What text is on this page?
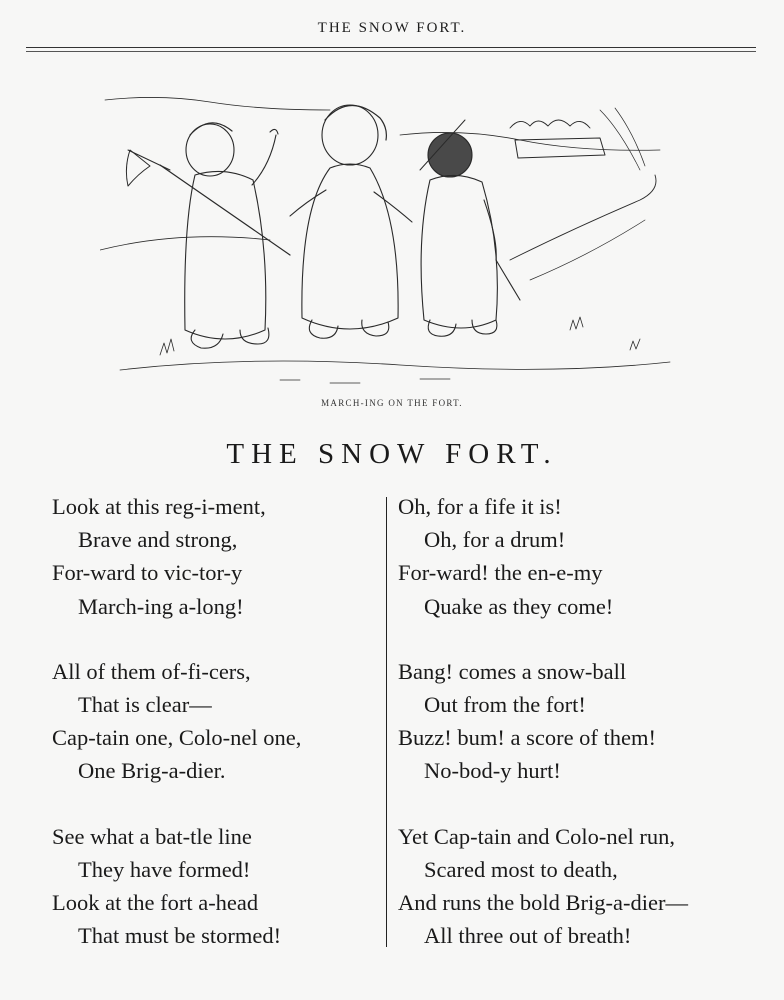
THE SNOW FORT.
MARCH-ING ON THE FORT.
THE SNOW FORT.
Look at this reg-i-ment,
Brave and strong,
For-ward to vic-tor-y
March-ing a-long!
All of them of-fi-cers,
That is clear—
Cap-tain one, Colo-nel one,
One Brig-a-dier.
See what a bat-tle line
They have formed!
Look at the fort a-head
That must be stormed!
Oh, for a fife it is!
Oh, for a drum!
For-ward! the en-e-my
Quake as they come!
Bang! comes a snow-ball
Out from the fort!
Buzz! bum! a score of them!
No-bod-y hurt!
Yet Cap-tain and Colo-nel run,
Scared most to death,
And runs the bold Brig-a-dier—
All three out of breath!
